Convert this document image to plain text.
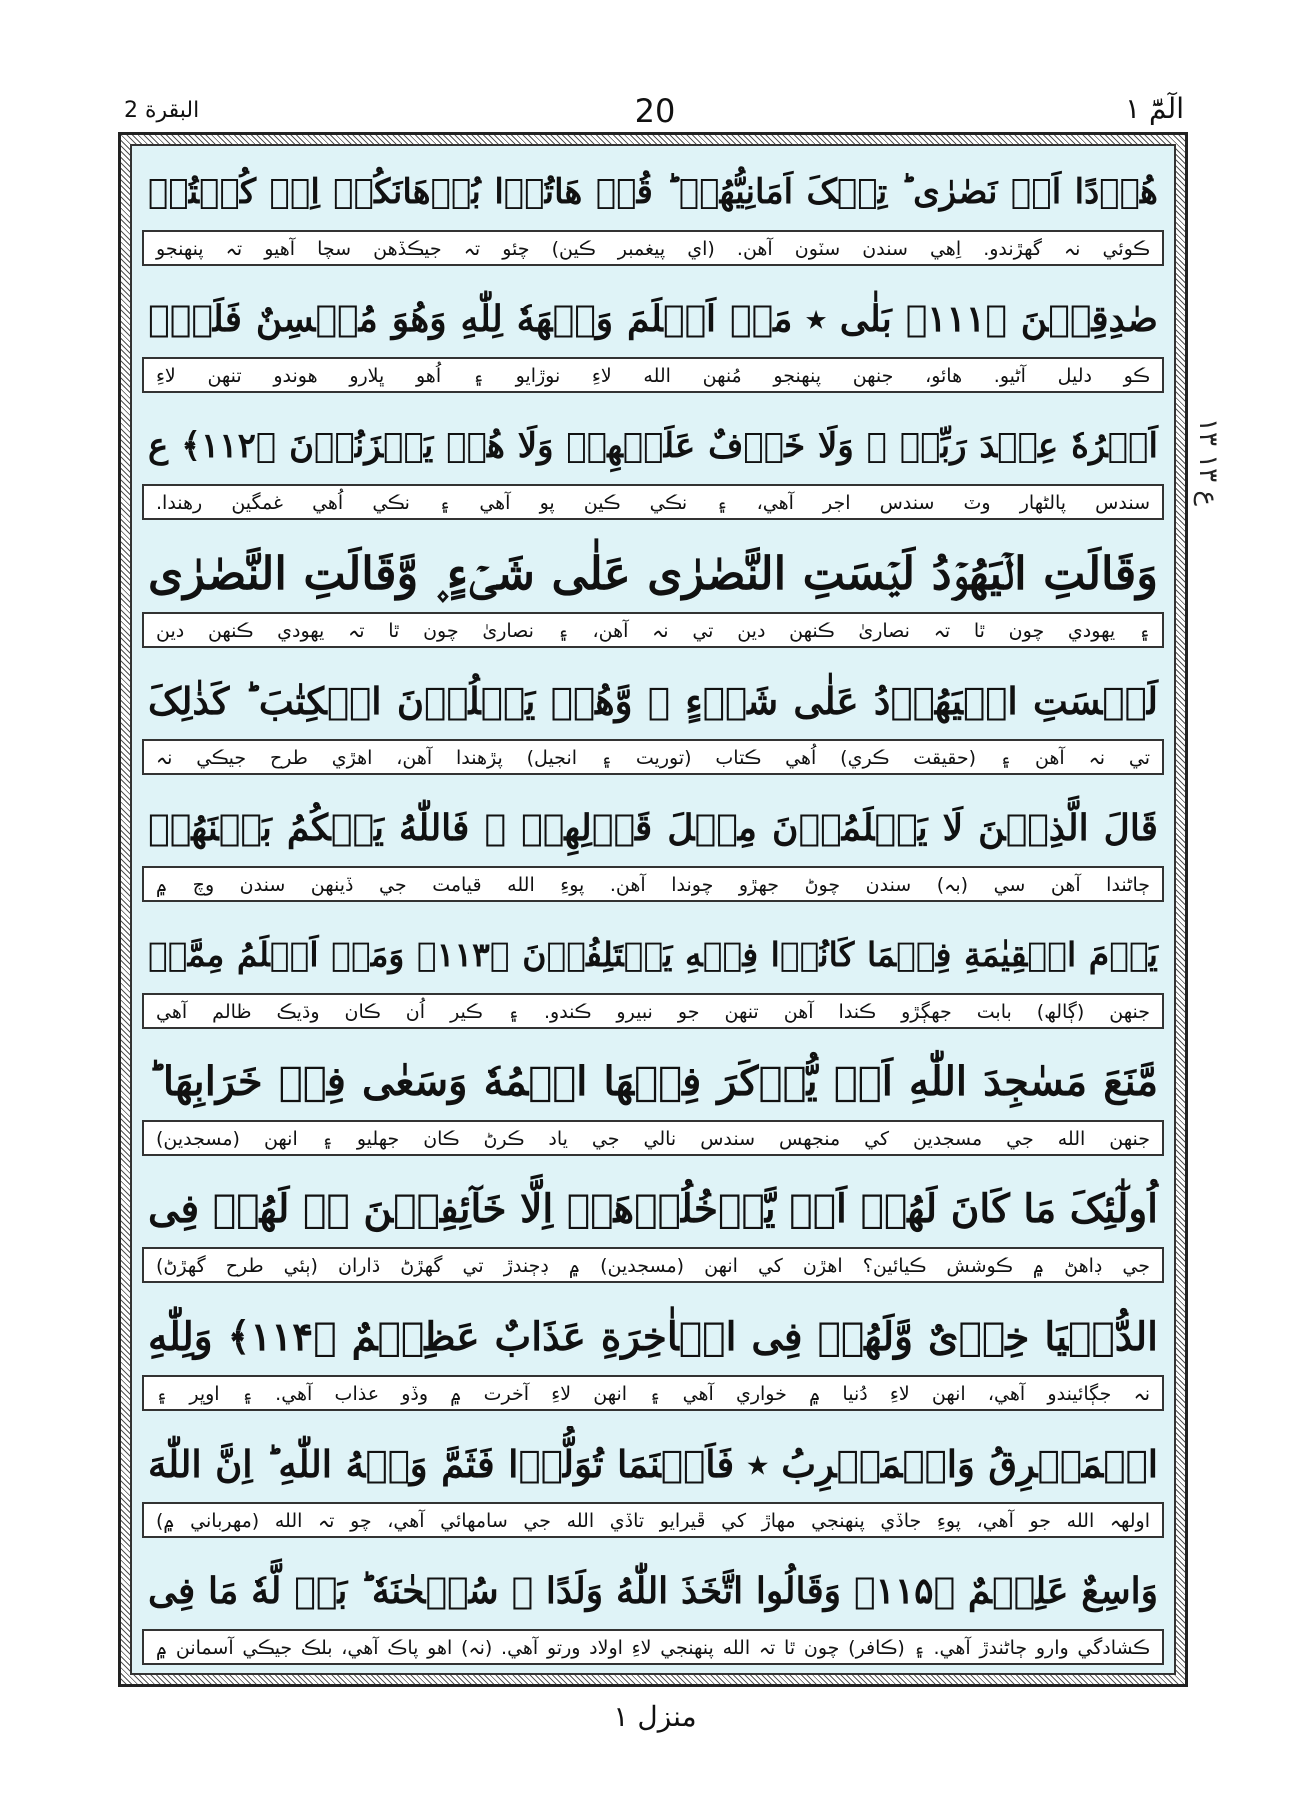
البقرة 2	20	الٓمّٓ ١
هُوۡدًا اَوۡ نَصٰرٰی ؕ تِلۡکَ اَمَانِیُّهُمۡ ؕ قُلۡ هَاتُوۡا بُرۡهَانَکُمۡ اِنۡ کُنۡتُمۡ
ڪوئي نہ گھڙندو. اِهي سندن سٽون آهن. (اي پيغمبر ڪين) چئو تہ جيڪڏهن سچا آهيو تہ پنهنجو
صٰدِقِیۡنَ ﴿۱۱۱﴾ بَلٰی ٭ مَنۡ اَسۡلَمَ وَجۡهَهٗ لِلّٰهِ وَهُوَ مُحۡسِنٌ فَلَهٗۤ
ڪو دليل آڻيو. هائو، جنهن پنهنجو مُنهن الله لاءِ نوڙايو ۽ اُهو ڀلارو هوندو تنهن لاءِ
اَجۡرُهٗ عِنۡدَ رَبِّهٖ ۪ وَلَا خَوۡفٌ عَلَیۡهِمۡ وَلَا هُمۡ یَحۡزَنُوۡنَ ﴿۱۱۲﴾ ع
سندس پالڻهار وٽ سندس اجر آهي، ۽ نڪي ڪين پو آهي ۽ نڪي اُهي غمگين رهندا.
وَقَالَتِ الۡیَهُوۡدُ لَیۡسَتِ النَّصٰرٰی عَلٰی شَیۡءٍ ۪ وَّقَالَتِ النَّصٰرٰی
۽ يهودي چون ٿا تہ نصارىٰ ڪنهن دين تي نہ آهن، ۽ نصارىٰ چون ٿا تہ يهودي ڪنهن دين
لَیۡسَتِ الۡیَهُوۡدُ عَلٰی شَیۡءٍ ۙ وَّهُمۡ یَتۡلُوۡنَ الۡکِتٰبَ ؕ کَذٰلِکَ
تي نہ آهن ۽ (حقيقت ڪري) اُهي ڪتاب (توريت ۽ انجيل) پڙهندا آهن، اهڙي طرح جيڪي نہ
قَالَ الَّذِیۡنَ لَا یَعۡلَمُوۡنَ مِثۡلَ قَوۡلِهِمۡ ۚ فَاللّٰهُ یَحۡکُمُ بَیۡنَهُمۡ
ڄاڻندا آهن سي (بہ) سندن چوڻ جهڙو چوندا آهن. پوءِ الله قيامت جي ڏينهن سندن وچ ۾
یَوۡمَ الۡقِیٰمَةِ فِیۡمَا کَانُوۡا فِیۡهِ یَخۡتَلِفُوۡنَ ﴿۱۱۳﴾ وَمَنۡ اَظۡلَمُ مِمَّنۡ
جنهن (ڳالھ) بابت جهڳڙو ڪندا آهن تنهن جو نبيرو ڪندو. ۽ ڪير اُن ڪان وڌيڪ ظالم آهي
مَّنَعَ مَسٰجِدَ اللّٰهِ اَنۡ یُّذۡکَرَ فِیۡهَا اسۡمُهٗ وَسَعٰی فِیۡ خَرَابِهَا ؕ
جنهن الله جي مسجدين کي منجھس سندس نالي جي ياد ڪرڻ ڪان جهليو ۽ انهن (مسجدين)
اُولٰٓئِکَ مَا کَانَ لَهُمۡ اَنۡ یَّدۡخُلُوۡهَاۤ اِلَّا خَآئِفِیۡنَ ۬ؕ لَهُمۡ فِی
جي ڊاهڻ ۾ ڪوشش ڪيائين؟ اهڙن کي انهن (مسجدين) ۾ ڊڄندڙ تي گھڙڻ ڌاران (ٻئي طرح گھڙڻ)
الدُّنۡیَا خِزۡیٌ وَّلَهُمۡ فِی الۡاٰخِرَةِ عَذَابٌ عَظِیۡمٌ ﴿۱۱۴﴾ وَلِلّٰهِ
نہ جڳائيندو آهي، انهن لاءِ دُنيا ۾ خواري آهي ۽ انهن لاءِ آخرت ۾ وڏو عذاب آهي. ۽ اوڀر ۽
الۡمَشۡرِقُ وَالۡمَغۡرِبُ ٭ فَاَیۡنَمَا تُوَلُّوۡا فَثَمَّ وَجۡهُ اللّٰهِ ؕ اِنَّ اللّٰهَ
اولهہ الله جو آهي، پوءِ جاڏي پنهنجي مهاڙ کي ڦيرايو تاڏي الله جي سامهائي آهي، چو تہ الله (مهرباني ۾)
وَاسِعٌ عَلِیۡمٌ ﴿۱۱۵﴾ وَقَالُوا اتَّخَذَ اللّٰهُ وَلَدًا ۙ سُبۡحٰنَهٗ ؕ بَلۡ لَّهٗ مَا فِی
ڪشادگي وارو ڄاڻندڙ آهي. ۽ (ڪافر) چون ٿا تہ الله پنهنجي لاءِ اولاد ورتو آهي. (نہ) اهو پاڪ آهي، بلڪ جيڪي آسمانن ۾
ع ١٣ ١٣
منزل ١
